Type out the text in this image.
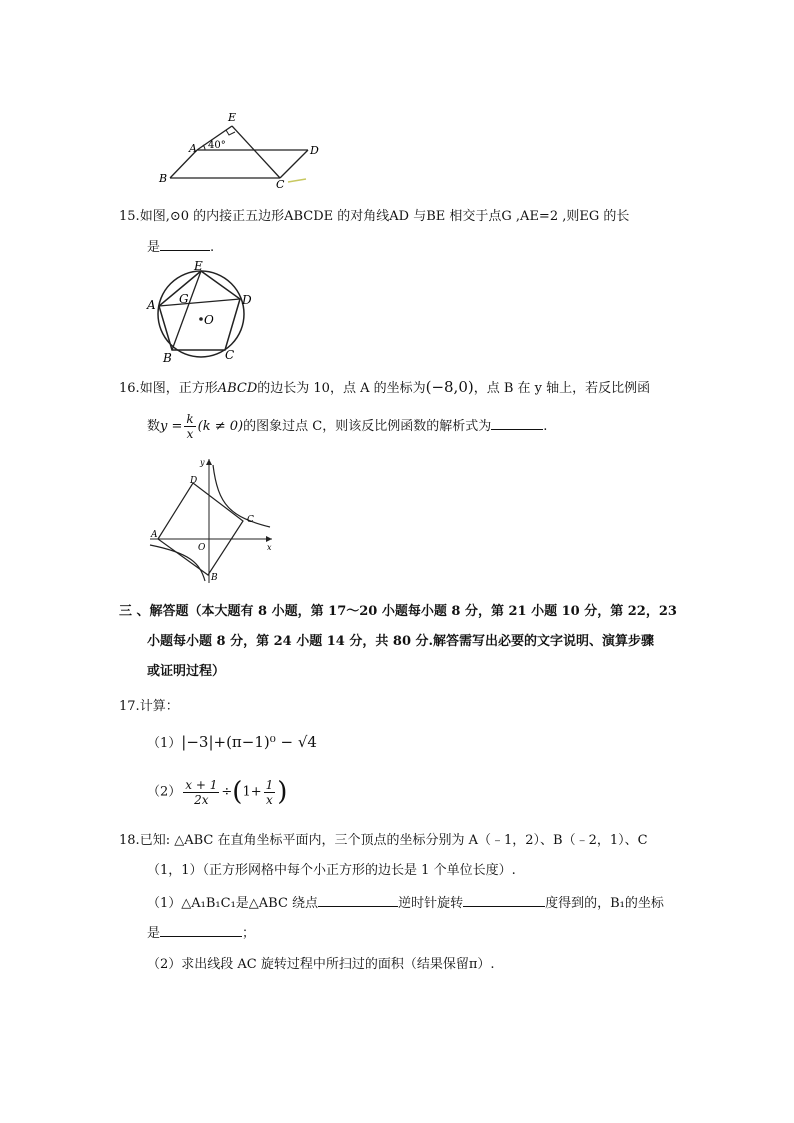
E
A 40°	D
B	C
15.如图,⊙0 的内接正五边形ABCDE 的对角线AD 与BE 相交于点G ,AE=2 ,则EG 的长
是	.
E
A G	D
O
B	C
16.如图，正方形ABCD的边长为 10，点 A 的坐标为(−8,0)，点 B 在 y 轴上，若反比例函
数$y = \frac{k}{x} (k \ne 0)$的图象过点 C，则该反比例函数的解析式为	.
y
D
C
A
O	x
B
三 、解答题（本大题有 8 小题，第 17～20 小题每小题 8 分，第 21 小题 10 分，第 22，23
小题每小题 8 分，第 24 小题 14 分，共 80 分.解答需写出必要的文字说明、演算步骤
或证明过程）
17.计算：
（1）|−3|+(π−1)⁰ − √4
$(2) \frac{x + 1}{2x} \div(1+ \frac{1}{x}$ )
18.已知: △ABC 在直角坐标平面内，三个顶点的坐标分别为 A（﹣1，2）、B（﹣2，1）、C
（1，1）（正方形网格中每个小正方形的边长是 1 个单位长度）.
（1）△A₁B₁C₁是△ABC 绕点	逆时针旋转	度得到的，B₁的坐标
是	；
（2）求出线段 AC 旋转过程中所扫过的面积（结果保留π）.
